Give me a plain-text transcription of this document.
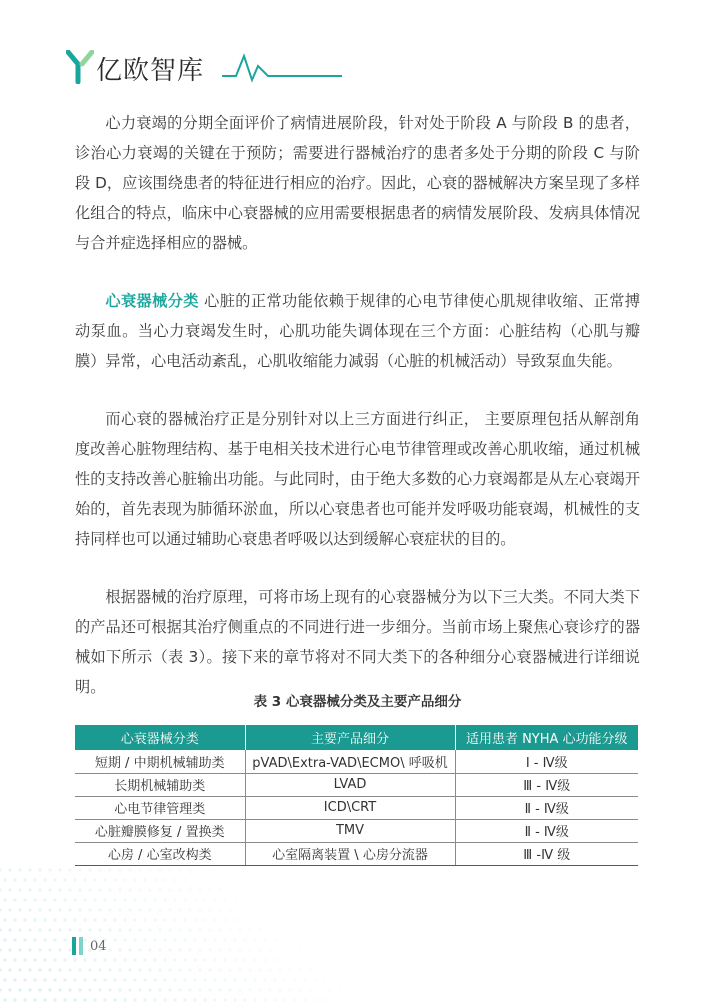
亿欧智库

心力衰竭的分期全面评价了病情进展阶段，针对处于阶段 A 与阶段 B 的患者，诊治心力衰竭的关键在于预防；需要进行器械治疗的患者多处于分期的阶段 C 与阶段 D，应该围绕患者的特征进行相应的治疗。因此，心衰的器械解决方案呈现了多样化组合的特点，临床中心衰器械的应用需要根据患者的病情发展阶段、发病具体情况与合并症选择相应的器械。

心衰器械分类 心脏的正常功能依赖于规律的心电节律使心肌规律收缩、正常搏动泵血。当心力衰竭发生时，心肌功能失调体现在三个方面：心脏结构（心肌与瓣膜）异常，心电活动紊乱，心肌收缩能力减弱（心脏的机械活动）导致泵血失能。

而心衰的器械治疗正是分别针对以上三方面进行纠正， 主要原理包括从解剖角度改善心脏物理结构、基于电相关技术进行心电节律管理或改善心肌收缩，通过机械性的支持改善心脏输出功能。与此同时，由于绝大多数的心力衰竭都是从左心衰竭开始的，首先表现为肺循环淤血，所以心衰患者也可能并发呼吸功能衰竭，机械性的支持同样也可以通过辅助心衰患者呼吸以达到缓解心衰症状的目的。

根据器械的治疗原理，可将市场上现有的心衰器械分为以下三大类。不同大类下的产品还可根据其治疗侧重点的不同进行进一步细分。当前市场上聚焦心衰诊疗的器械如下所示（表 3）。接下来的章节将对不同大类下的各种细分心衰器械进行详细说明。

表 3 心衰器械分类及主要产品细分
心衰器械分类	主要产品细分	适用患者 NYHA 心功能分级
短期 / 中期机械辅助类	pVAD\Extra-VAD\ECMO\ 呼吸机	Ⅰ - Ⅳ级
长期机械辅助类	LVAD	Ⅲ - Ⅳ级
心电节律管理类	ICD\CRT	Ⅱ - Ⅳ级
心脏瓣膜修复 / 置换类	TMV	Ⅱ - Ⅳ级
心房 / 心室改构类	心室隔离装置 \ 心房分流器	Ⅲ -Ⅳ 级
04
